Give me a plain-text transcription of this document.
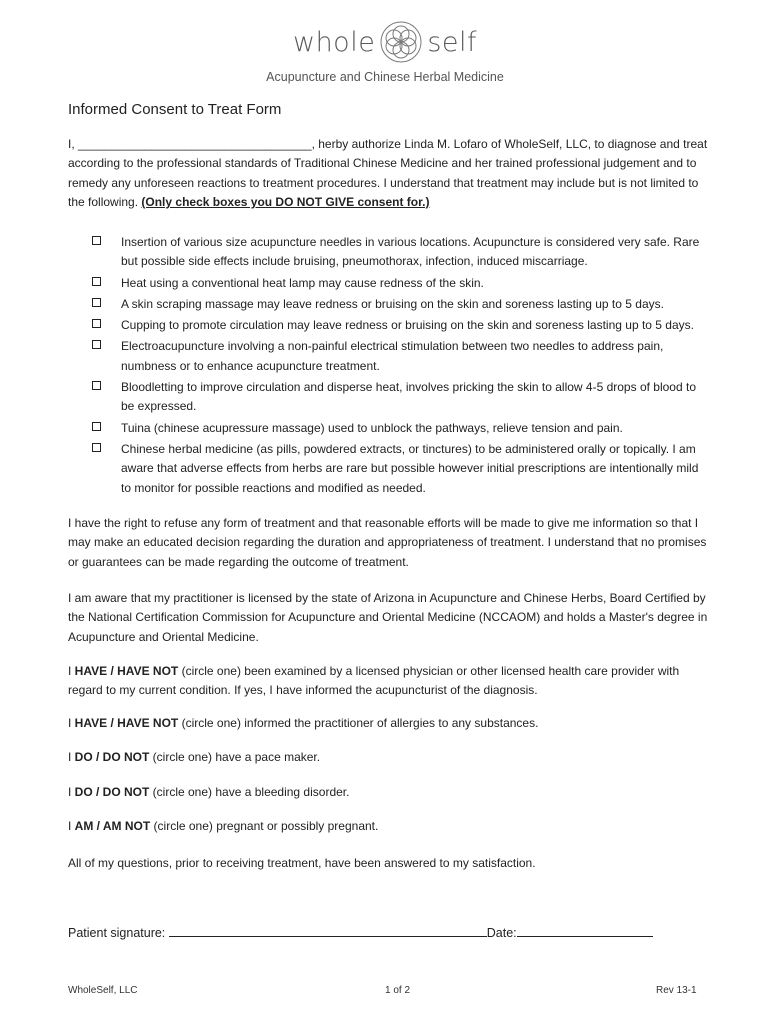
whole self
Acupuncture and Chinese Herbal Medicine
Informed Consent to Treat Form
I, ___________________________________, herby authorize Linda M. Lofaro of WholeSelf, LLC, to diagnose and treat according to the professional standards of Traditional Chinese Medicine and her trained professional judgement and to remedy any unforeseen reactions to treatment procedures. I understand that treatment may include but is not limited to the following. (Only check boxes you DO NOT GIVE consent for.)
Insertion of various size acupuncture needles in various locations. Acupuncture is considered very safe. Rare but possible side effects include bruising, pneumothorax, infection, induced miscarriage.
Heat using a conventional heat lamp may cause redness of the skin.
A skin scraping massage may leave redness or bruising on the skin and soreness lasting up to 5 days.
Cupping to promote circulation may leave redness or bruising on the skin and soreness lasting up to 5 days.
Electroacupuncture involving a non-painful electrical stimulation between two needles to address pain, numbness or to enhance acupuncture treatment.
Bloodletting to improve circulation and disperse heat, involves pricking the skin to allow 4-5 drops of blood to be expressed.
Tuina (chinese acupressure massage) used to unblock the pathways, relieve tension and pain.
Chinese herbal medicine (as pills, powdered extracts, or tinctures) to be administered orally or topically. I am aware that adverse effects from herbs are rare but possible however initial prescriptions are intentionally mild to monitor for possible reactions and modified as needed.
I have the right to refuse any form of treatment and that reasonable efforts will be made to give me information so that I may make an educated decision regarding the duration and appropriateness of treatment. I understand that no promises or guarantees can be made regarding the outcome of treatment.
I am aware that my practitioner is licensed by the state of Arizona in Acupuncture and Chinese Herbs, Board Certified by the National Certification Commission for Acupuncture and Oriental Medicine (NCCAOM) and holds a Master's degree in Acupuncture and Oriental Medicine.
I HAVE / HAVE NOT (circle one) been examined by a licensed physician or other licensed health care provider with regard to my current condition. If yes, I have informed the acupuncturist of the diagnosis.
I HAVE / HAVE NOT (circle one) informed the practitioner of allergies to any substances.
I DO / DO NOT (circle one) have a pace maker.
I DO / DO NOT (circle one) have a bleeding disorder.
I AM / AM NOT (circle one) pregnant or possibly pregnant.
All of my questions, prior to receiving treatment, have been answered to my satisfaction.
Patient signature:	Date:
WholeSelf, LLC	1 of 2	Rev 13-1
